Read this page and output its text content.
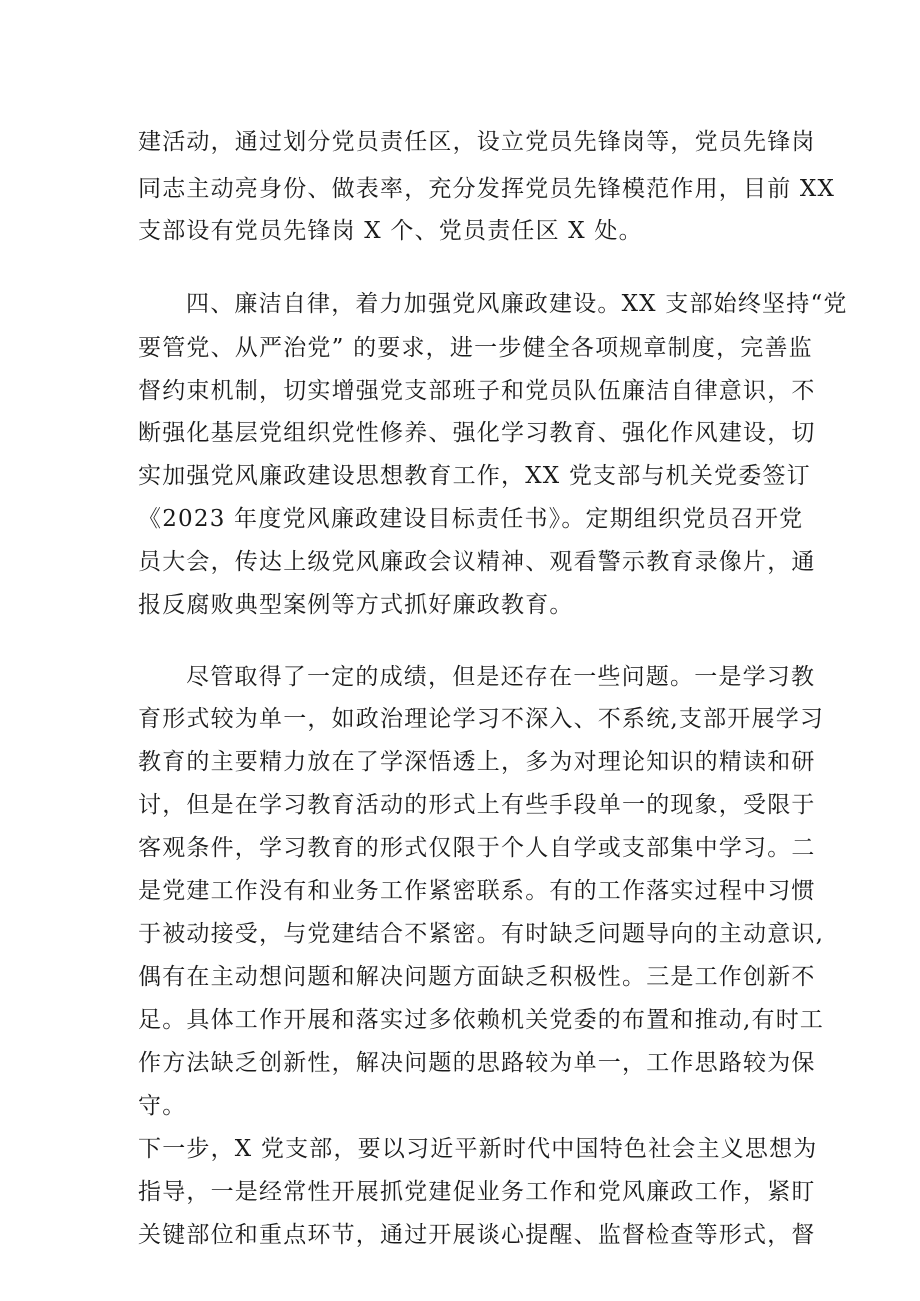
建活动，通过划分党员责任区，设立党员先锋岗等，党员先锋岗
同志主动亮身份、做表率，充分发挥党员先锋模范作用，目前 XX
支部设有党员先锋岗 X 个、党员责任区 X 处。
四、廉洁自律，着力加强党风廉政建设。XX 支部始终坚持“党
要管党、从严治党” 的要求，进一步健全各项规章制度，完善监
督约束机制，切实增强党支部班子和党员队伍廉洁自律意识，不
断强化基层党组织党性修养、强化学习教育、强化作风建设，切
实加强党风廉政建设思想教育工作，XX 党支部与机关党委签订
《2023 年度党风廉政建设目标责任书》。定期组织党员召开党
员大会，传达上级党风廉政会议精神、观看警示教育录像片，通
报反腐败典型案例等方式抓好廉政教育。
尽管取得了一定的成绩，但是还存在一些问题。一是学习教
育形式较为单一，如政治理论学习不深入、不系统,支部开展学习
教育的主要精力放在了学深悟透上，多为对理论知识的精读和研
讨，但是在学习教育活动的形式上有些手段单一的现象，受限于
客观条件，学习教育的形式仅限于个人自学或支部集中学习。二
是党建工作没有和业务工作紧密联系。有的工作落实过程中习惯
于被动接受，与党建结合不紧密。有时缺乏问题导向的主动意识,
偶有在主动想问题和解决问题方面缺乏积极性。三是工作创新不
足。具体工作开展和落实过多依赖机关党委的布置和推动,有时工
作方法缺乏创新性，解决问题的思路较为单一，工作思路较为保
守。
下一步，X 党支部，要以习近平新时代中国特色社会主义思想为
指导，一是经常性开展抓党建促业务工作和党风廉政工作，紧盯
关键部位和重点环节，通过开展谈心提醒、监督检查等形式，督
